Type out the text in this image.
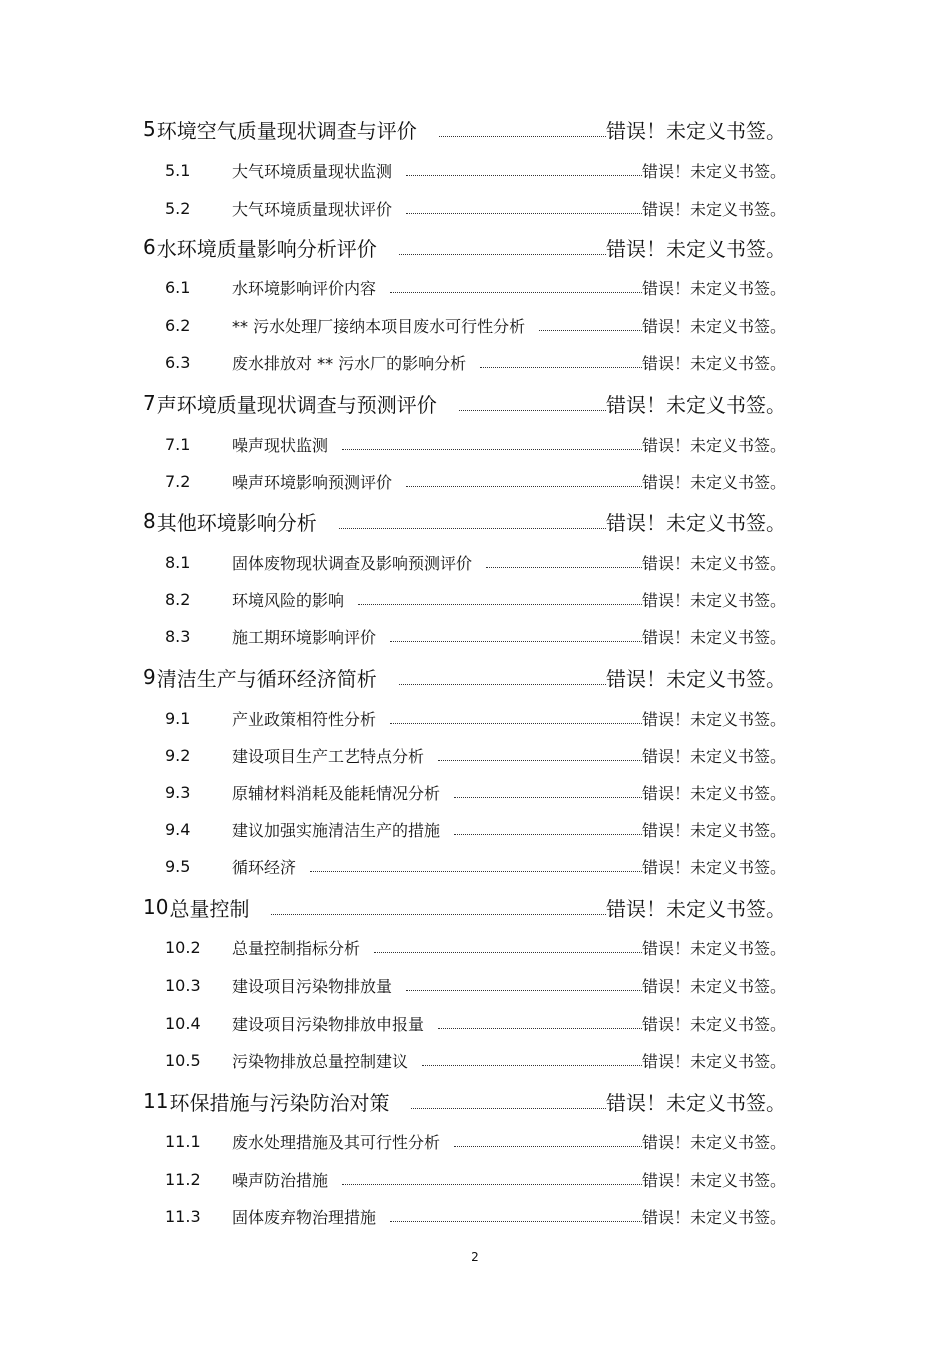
5 环境空气质量现状调查与评价	错误！未定义书签。
5.1	大气环境质量现状监测	错误！未定义书签。
5.2	大气环境质量现状评价	错误！未定义书签。
6 水环境质量影响分析评价	错误！未定义书签。
6.1	水环境影响评价内容	错误！未定义书签。
6.2	** 污水处理厂接纳本项目废水可行性分析	错误！未定义书签。
6.3	废水排放对 ** 污水厂的影响分析	错误！未定义书签。
7 声环境质量现状调查与预测评价	错误！未定义书签。
7.1	噪声现状监测	错误！未定义书签。
7.2	噪声环境影响预测评价	错误！未定义书签。
8 其他环境影响分析	错误！未定义书签。
8.1	固体废物现状调查及影响预测评价	错误！未定义书签。
8.2	环境风险的影响	错误！未定义书签。
8.3	施工期环境影响评价	错误！未定义书签。
9 清洁生产与循环经济简析	错误！未定义书签。
9.1	产业政策相符性分析	错误！未定义书签。
9.2	建设项目生产工艺特点分析	错误！未定义书签。
9.3	原辅材料消耗及能耗情况分析	错误！未定义书签。
9.4	建议加强实施清洁生产的措施	错误！未定义书签。
9.5	循环经济	错误！未定义书签。
10 总量控制	错误！未定义书签。
10.2	总量控制指标分析	错误！未定义书签。
10.3	建设项目污染物排放量	错误！未定义书签。
10.4	建设项目污染物排放申报量	错误！未定义书签。
10.5	污染物排放总量控制建议	错误！未定义书签。
11 环保措施与污染防治对策	错误！未定义书签。
11.1	废水处理措施及其可行性分析	错误！未定义书签。
11.2	噪声防治措施	错误！未定义书签。
11.3	固体废弃物治理措施	错误！未定义书签。
2
